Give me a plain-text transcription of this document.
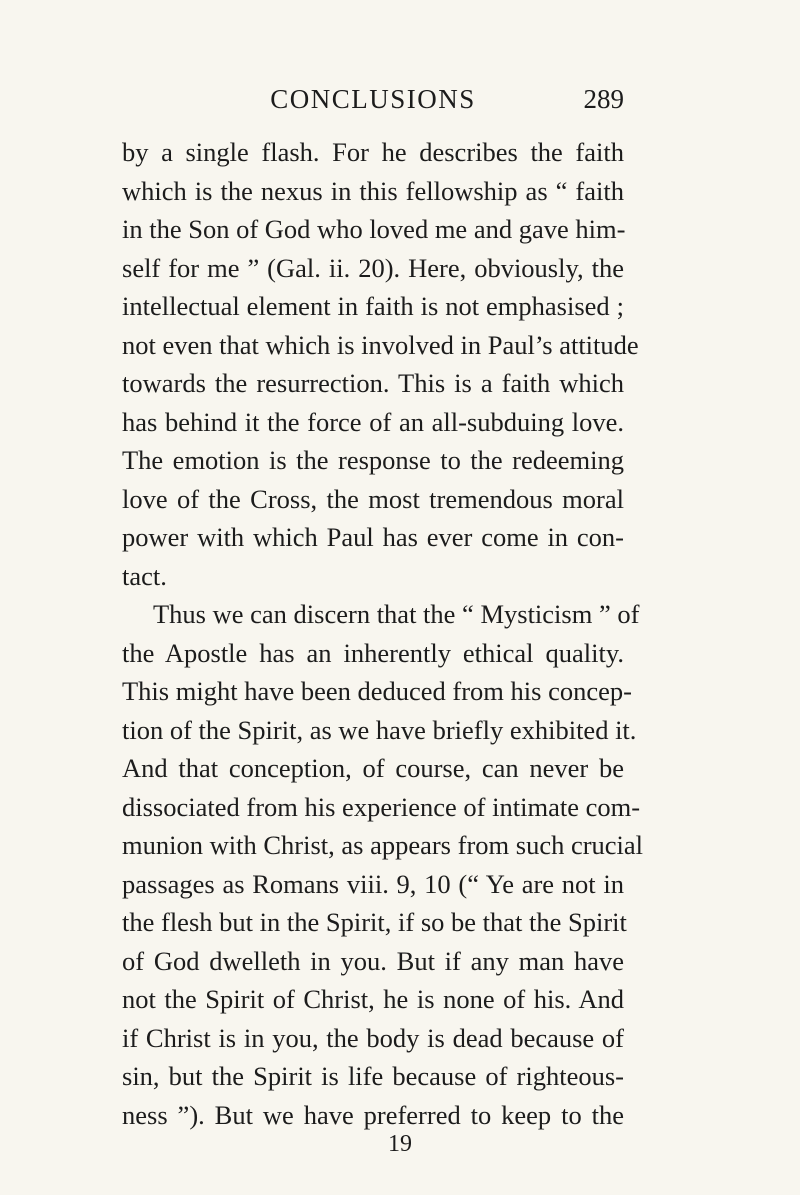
CONCLUSIONS	289
by a single flash. For he describes the faith
which is the nexus in this fellowship as “ faith
in the Son of God who loved me and gave him-
self for me ” (Gal. ii. 20). Here, obviously, the
intellectual element in faith is not emphasised ;
not even that which is involved in Paul’s attitude
towards the resurrection. This is a faith which
has behind it the force of an all-subduing love.
The emotion is the response to the redeeming
love of the Cross, the most tremendous moral
power with which Paul has ever come in con-
tact.
Thus we can discern that the “ Mysticism ” of
the Apostle has an inherently ethical quality.
This might have been deduced from his concep-
tion of the Spirit, as we have briefly exhibited it.
And that conception, of course, can never be
dissociated from his experience of intimate com-
munion with Christ, as appears from such crucial
passages as Romans viii. 9, 10 (“ Ye are not in
the flesh but in the Spirit, if so be that the Spirit
of God dwelleth in you. But if any man have
not the Spirit of Christ, he is none of his. And
if Christ is in you, the body is dead because of
sin, but the Spirit is life because of righteous-
ness ”). But we have preferred to keep to the
19
